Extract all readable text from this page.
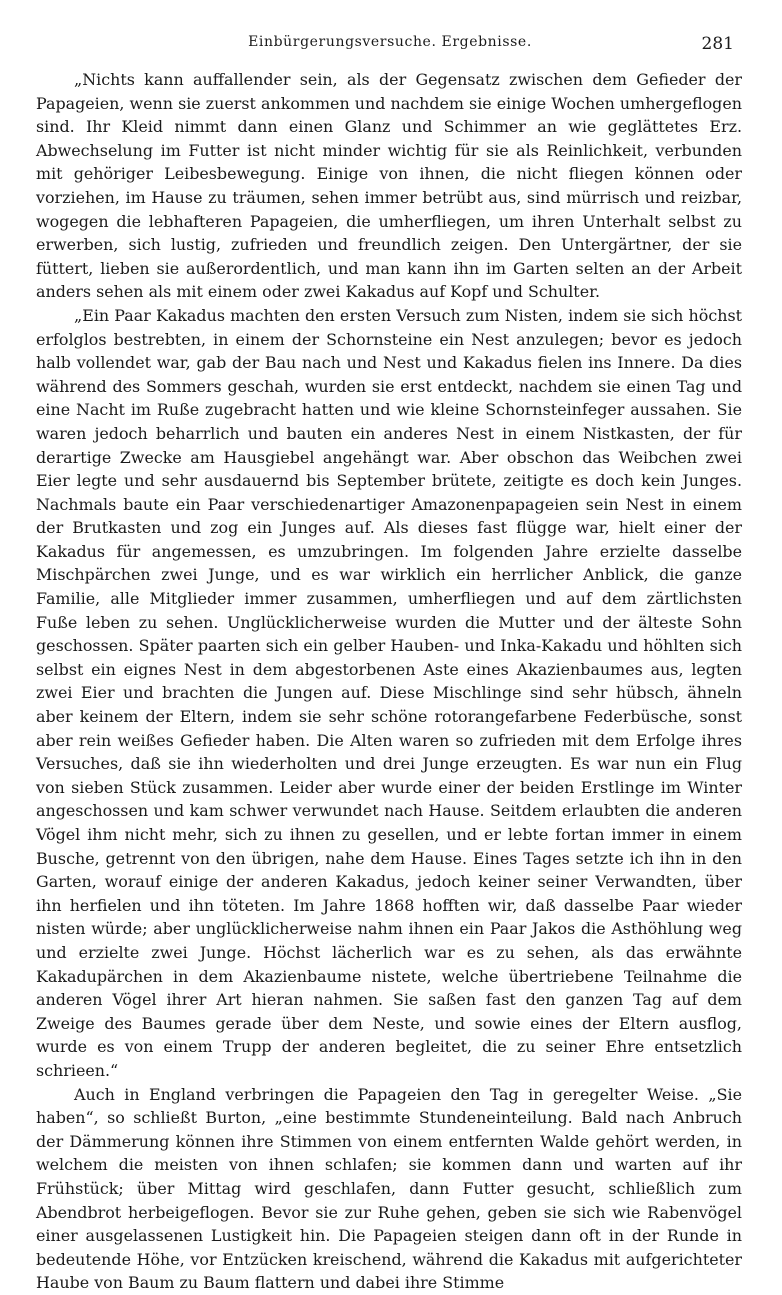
Einbürgerungsversuche. Ergebnisse.	281

„Nichts kann auffallender sein, als der Gegensatz zwischen dem Gefieder der Papageien, wenn sie zuerst ankommen und nachdem sie einige Wochen umhergeflogen sind. Ihr Kleid nimmt dann einen Glanz und Schimmer an wie geglättetes Erz. Abwechselung im Futter ist nicht minder wichtig für sie als Reinlichkeit, verbunden mit gehöriger Leibesbewegung. Einige von ihnen, die nicht fliegen können oder vorziehen, im Hause zu träumen, sehen immer betrübt aus, sind mürrisch und reizbar, wogegen die lebhafteren Papageien, die umherfliegen, um ihren Unterhalt selbst zu erwerben, sich lustig, zufrieden und freundlich zeigen. Den Untergärtner, der sie füttert, lieben sie außerordentlich, und man kann ihn im Garten selten an der Arbeit anders sehen als mit einem oder zwei Kakadus auf Kopf und Schulter.

„Ein Paar Kakadus machten den ersten Versuch zum Nisten, indem sie sich höchst erfolglos bestrebten, in einem der Schornsteine ein Nest anzulegen; bevor es jedoch halb vollendet war, gab der Bau nach und Nest und Kakadus fielen ins Innere. Da dies während des Sommers geschah, wurden sie erst entdeckt, nachdem sie einen Tag und eine Nacht im Ruße zugebracht hatten und wie kleine Schornsteinfeger aussahen. Sie waren jedoch beharrlich und bauten ein anderes Nest in einem Nistkasten, der für derartige Zwecke am Hausgiebel angehängt war. Aber obschon das Weibchen zwei Eier legte und sehr ausdauernd bis September brütete, zeitigte es doch kein Junges. Nachmals baute ein Paar verschiedenartiger Amazonenpapageien sein Nest in einem der Brutkasten und zog ein Junges auf. Als dieses fast flügge war, hielt einer der Kakadus für angemessen, es umzubringen. Im folgenden Jahre erzielte dasselbe Mischpärchen zwei Junge, und es war wirklich ein herrlicher Anblick, die ganze Familie, alle Mitglieder immer zusammen, umherfliegen und auf dem zärtlichsten Fuße leben zu sehen. Unglücklicherweise wurden die Mutter und der älteste Sohn geschossen. Später paarten sich ein gelber Hauben- und Inka-Kakadu und höhlten sich selbst ein eignes Nest in dem abgestorbenen Aste eines Akazienbaumes aus, legten zwei Eier und brachten die Jungen auf. Diese Mischlinge sind sehr hübsch, ähneln aber keinem der Eltern, indem sie sehr schöne rotorangefarbene Federbüsche, sonst aber rein weißes Gefieder haben. Die Alten waren so zufrieden mit dem Erfolge ihres Versuches, daß sie ihn wiederholten und drei Junge erzeugten. Es war nun ein Flug von sieben Stück zusammen. Leider aber wurde einer der beiden Erstlinge im Winter angeschossen und kam schwer verwundet nach Hause. Seitdem erlaubten die anderen Vögel ihm nicht mehr, sich zu ihnen zu gesellen, und er lebte fortan immer in einem Busche, getrennt von den übrigen, nahe dem Hause. Eines Tages setzte ich ihn in den Garten, worauf einige der anderen Kakadus, jedoch keiner seiner Verwandten, über ihn herfielen und ihn töteten. Im Jahre 1868 hofften wir, daß dasselbe Paar wieder nisten würde; aber unglücklicherweise nahm ihnen ein Paar Jakos die Asthöhlung weg und erzielte zwei Junge. Höchst lächerlich war es zu sehen, als das erwähnte Kakadupärchen in dem Akazienbaume nistete, welche übertriebene Teilnahme die anderen Vögel ihrer Art hieran nahmen. Sie saßen fast den ganzen Tag auf dem Zweige des Baumes gerade über dem Neste, und sowie eines der Eltern ausflog, wurde es von einem Trupp der anderen begleitet, die zu seiner Ehre entsetzlich schrieen.“

Auch in England verbringen die Papageien den Tag in geregelter Weise. „Sie haben“, so schließt Burton, „eine bestimmte Stundeneinteilung. Bald nach Anbruch der Dämmerung können ihre Stimmen von einem entfernten Walde gehört werden, in welchem die meisten von ihnen schlafen; sie kommen dann und warten auf ihr Frühstück; über Mittag wird geschlafen, dann Futter gesucht, schließlich zum Abendbrot herbeigeflogen. Bevor sie zur Ruhe gehen, geben sie sich wie Rabenvögel einer ausgelassenen Lustigkeit hin. Die Papageien steigen dann oft in der Runde in bedeutende Höhe, vor Entzücken kreischend, während die Kakadus mit aufgerichteter Haube von Baum zu Baum flattern und dabei ihre Stimme
